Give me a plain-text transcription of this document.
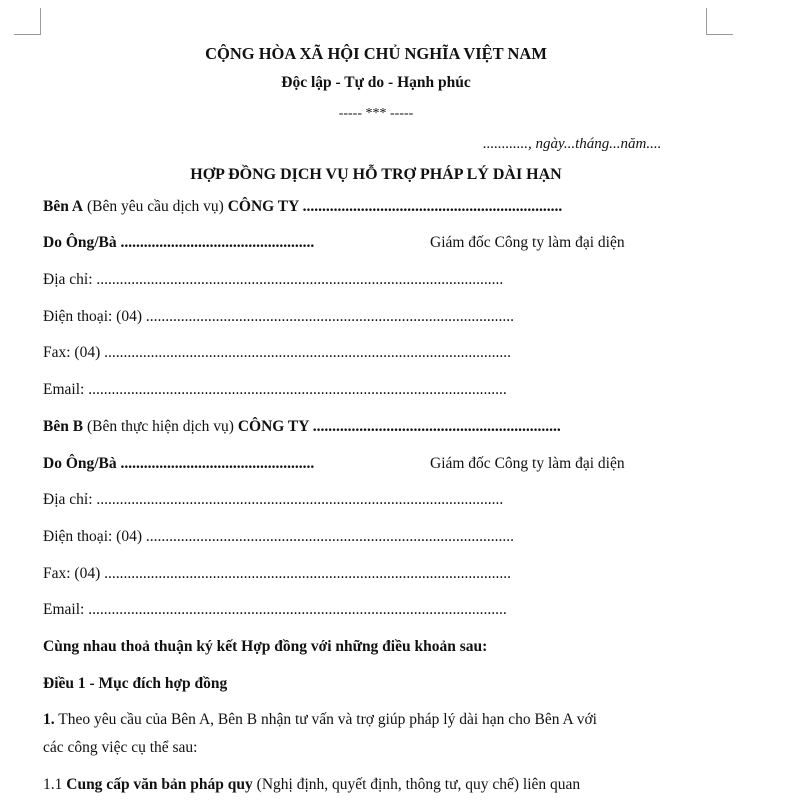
CỘNG HÒA XÃ HỘI CHỦ NGHĨA VIỆT NAM
Độc lập - Tự do - Hạnh phúc
----- *** -----
............, ngày...tháng...năm....
HỢP ĐỒNG DỊCH VỤ HỖ TRỢ PHÁP LÝ DÀI HẠN
Bên A (Bên yêu cầu dịch vụ) CÔNG TY ...................................................................
Do Ông/Bà ..................................................	Giám đốc Công ty làm đại diện
Địa chỉ: .........................................................................................................
Điện thoại: (04) ...............................................................................................
Fax: (04) .........................................................................................................
Email: ............................................................................................................
Bên B (Bên thực hiện dịch vụ) CÔNG TY ................................................................
Do Ông/Bà ..................................................	Giám đốc Công ty làm đại diện
Địa chỉ: .........................................................................................................
Điện thoại: (04) ...............................................................................................
Fax: (04) .........................................................................................................
Email: ............................................................................................................
Cùng nhau thoả thuận ký kết Hợp đồng với những điều khoản sau:
Điều 1 - Mục đích hợp đồng
1. Theo yêu cầu của Bên A, Bên B nhận tư vấn và trợ giúp pháp lý dài hạn cho Bên A với
các công việc cụ thể sau:
1.1 Cung cấp văn bản pháp quy (Nghị định, quyết định, thông tư, quy chế) liên quan
